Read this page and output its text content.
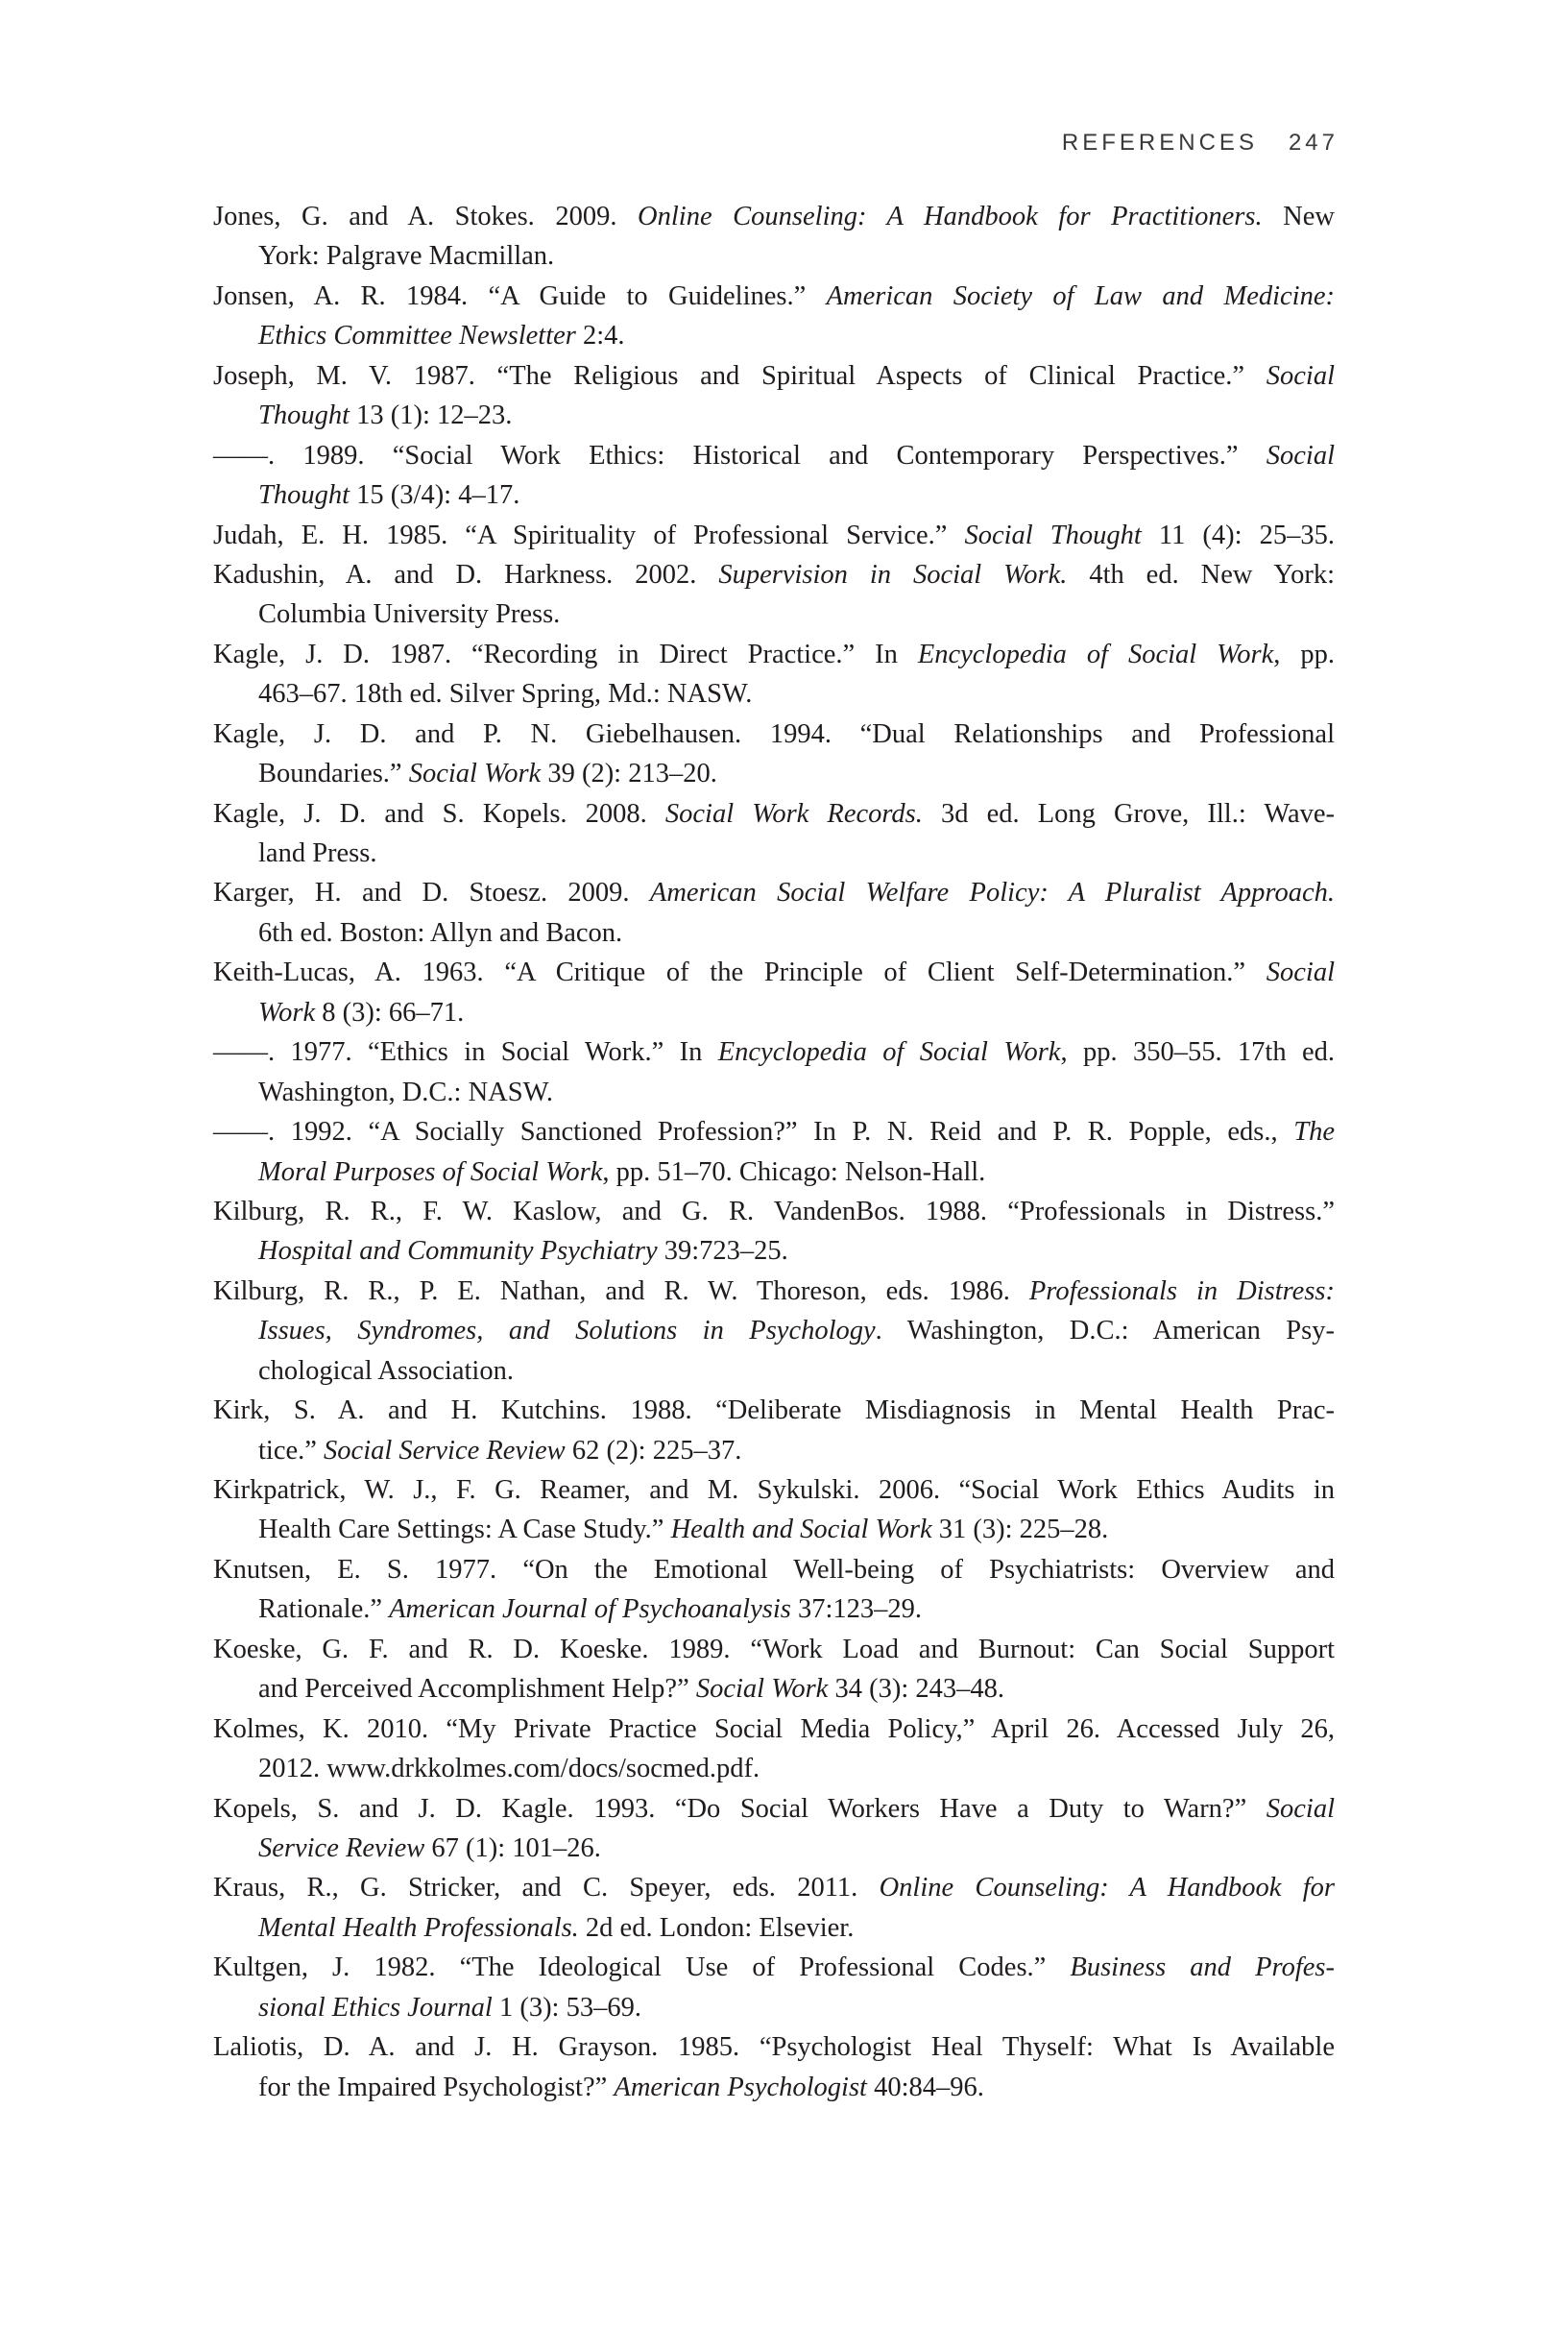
REFERENCES 247
Jones, G. and A. Stokes. 2009. Online Counseling: A Handbook for Practitioners. New
York: Palgrave Macmillan.
Jonsen, A. R. 1984. “A Guide to Guidelines.” American Society of Law and Medicine:
Ethics Committee Newsletter 2:4.
Joseph, M. V. 1987. “The Religious and Spiritual Aspects of Clinical Practice.” Social
Thought 13 (1): 12–23.
——. 1989. “Social Work Ethics: Historical and Contemporary Perspectives.” Social
Thought 15 (3/4): 4–17.
Judah, E. H. 1985. “A Spirituality of Professional Service.” Social Thought 11 (4): 25–35.
Kadushin, A. and D. Harkness. 2002. Supervision in Social Work. 4th ed. New York:
Columbia University Press.
Kagle, J. D. 1987. “Recording in Direct Practice.” In Encyclopedia of Social Work, pp.
463–67. 18th ed. Silver Spring, Md.: NASW.
Kagle, J. D. and P. N. Giebelhausen. 1994. “Dual Relationships and Professional
Boundaries.” Social Work 39 (2): 213–20.
Kagle, J. D. and S. Kopels. 2008. Social Work Records. 3d ed. Long Grove, Ill.: Wave-
land Press.
Karger, H. and D. Stoesz. 2009. American Social Welfare Policy: A Pluralist Approach.
6th ed. Boston: Allyn and Bacon.
Keith-Lucas, A. 1963. “A Critique of the Principle of Client Self-Determination.” Social
Work 8 (3): 66–71.
——. 1977. “Ethics in Social Work.” In Encyclopedia of Social Work, pp. 350–55. 17th ed.
Washington, D.C.: NASW.
——. 1992. “A Socially Sanctioned Profession?” In P. N. Reid and P. R. Popple, eds., The
Moral Purposes of Social Work, pp. 51–70. Chicago: Nelson-Hall.
Kilburg, R. R., F. W. Kaslow, and G. R. VandenBos. 1988. “Professionals in Distress.”
Hospital and Community Psychiatry 39:723–25.
Kilburg, R. R., P. E. Nathan, and R. W. Thoreson, eds. 1986. Professionals in Distress:
Issues, Syndromes, and Solutions in Psychology. Washington, D.C.: American Psy-
chological Association.
Kirk, S. A. and H. Kutchins. 1988. “Deliberate Misdiagnosis in Mental Health Prac-
tice.” Social Service Review 62 (2): 225–37.
Kirkpatrick, W. J., F. G. Reamer, and M. Sykulski. 2006. “Social Work Ethics Audits in
Health Care Settings: A Case Study.” Health and Social Work 31 (3): 225–28.
Knutsen, E. S. 1977. “On the Emotional Well-being of Psychiatrists: Overview and
Rationale.” American Journal of Psychoanalysis 37:123–29.
Koeske, G. F. and R. D. Koeske. 1989. “Work Load and Burnout: Can Social Support
and Perceived Accomplishment Help?” Social Work 34 (3): 243–48.
Kolmes, K. 2010. “My Private Practice Social Media Policy,” April 26. Accessed July 26,
2012. www.drkkolmes.com/docs/socmed.pdf.
Kopels, S. and J. D. Kagle. 1993. “Do Social Workers Have a Duty to Warn?” Social
Service Review 67 (1): 101–26.
Kraus, R., G. Stricker, and C. Speyer, eds. 2011. Online Counseling: A Handbook for
Mental Health Professionals. 2d ed. London: Elsevier.
Kultgen, J. 1982. “The Ideological Use of Professional Codes.” Business and Profes-
sional Ethics Journal 1 (3): 53–69.
Laliotis, D. A. and J. H. Grayson. 1985. “Psychologist Heal Thyself: What Is Available
for the Impaired Psychologist?” American Psychologist 40:84–96.
